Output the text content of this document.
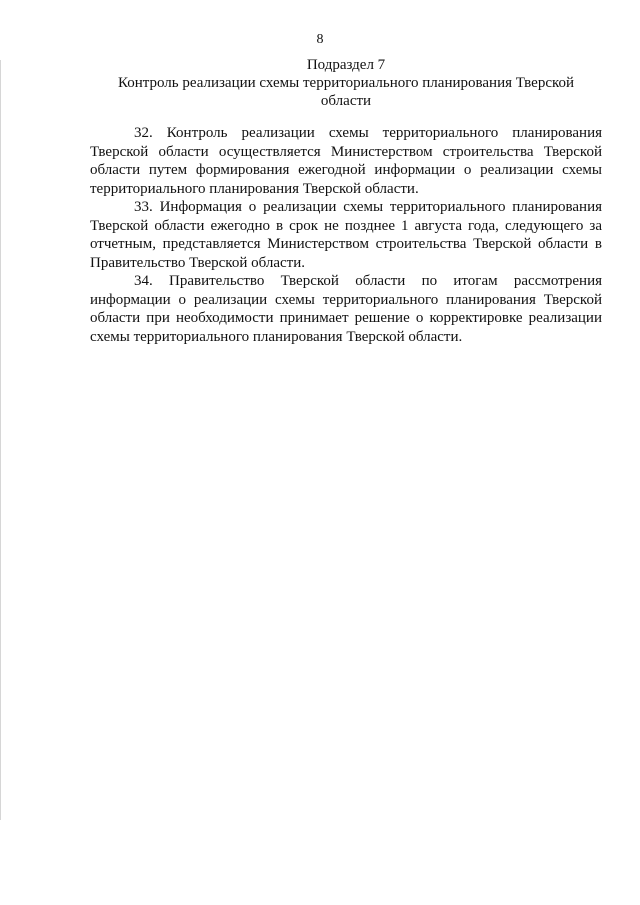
8
Подраздел 7
Контроль реализации схемы территориального планирования Тверской
области

32. Контроль реализации схемы территориального планирования Тверской области осуществляется Министерством строительства Тверской области путем формирования ежегодной информации о реализации схемы территориального планирования Тверской области.

33. Информация о реализации схемы территориального планирования Тверской области ежегодно в срок не позднее 1 августа года, следующего за отчетным, представляется Министерством строительства Тверской области в Правительство Тверской области.

34. Правительство Тверской области по итогам рассмотрения информации о реализации схемы территориального планирования Тверской области при необходимости принимает решение о корректировке реализации схемы территориального планирования Тверской области.
